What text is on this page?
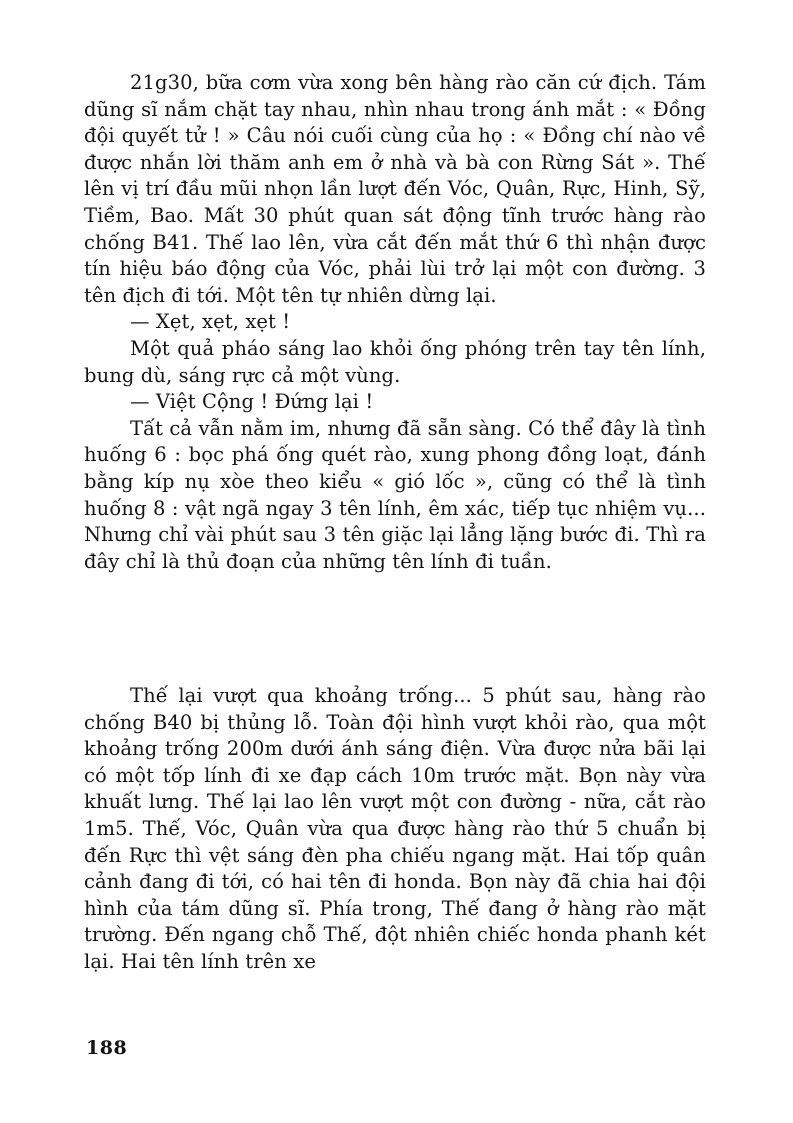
21g30, bữa cơm vừa xong bên hàng rào căn cứ địch. Tám dũng sĩ nắm chặt tay nhau, nhìn nhau trong ánh mắt : « Đồng đội quyết tử ! » Câu nói cuối cùng của họ : « Đồng chí nào về được nhắn lời thăm anh em ở nhà và bà con Rừng Sát ». Thế lên vị trí đầu mũi nhọn lần lượt đến Vóc, Quân, Rực, Hinh, Sỹ, Tiềm, Bao. Mất 30 phút quan sát động tĩnh trước hàng rào chống B41. Thế lao lên, vừa cắt đến mắt thứ 6 thì nhận được tín hiệu báo động của Vóc, phải lùi trở lại một con đường. 3 tên địch đi tới. Một tên tự nhiên dừng lại.

— Xẹt, xẹt, xẹt !

Một quả pháo sáng lao khỏi ống phóng trên tay tên lính, bung dù, sáng rực cả một vùng.

— Việt Cộng ! Đứng lại !

Tất cả vẫn nằm im, nhưng đã sẵn sàng. Có thể đây là tình huống 6 : bọc phá ống quét rào, xung phong đồng loạt, đánh bằng kíp nụ xòe theo kiểu « gió lốc », cũng có thể là tình huống 8 : vật ngã ngay 3 tên lính, êm xác, tiếp tục nhiệm vụ... Nhưng chỉ vài phút sau 3 tên giặc lại lẳng lặng bước đi. Thì ra đây chỉ là thủ đoạn của những tên lính đi tuần.

Thế lại vượt qua khoảng trống... 5 phút sau, hàng rào chống B40 bị thủng lỗ. Toàn đội hình vượt khỏi rào, qua một khoảng trống 200m dưới ánh sáng điện. Vừa được nửa bãi lại có một tốp lính đi xe đạp cách 10m trước mặt. Bọn này vừa khuất lưng. Thế lại lao lên vượt một con đường - nữa, cắt rào 1m5. Thế, Vóc, Quân vừa qua được hàng rào thứ 5 chuẩn bị đến Rực thì vệt sáng đèn pha chiếu ngang mặt. Hai tốp quân cảnh đang đi tới, có hai tên đi honda. Bọn này đã chia hai đội hình của tám dũng sĩ. Phía trong, Thế đang ở hàng rào mặt trường. Đến ngang chỗ Thế, đột nhiên chiếc honda phanh két lại. Hai tên lính trên xe

188
